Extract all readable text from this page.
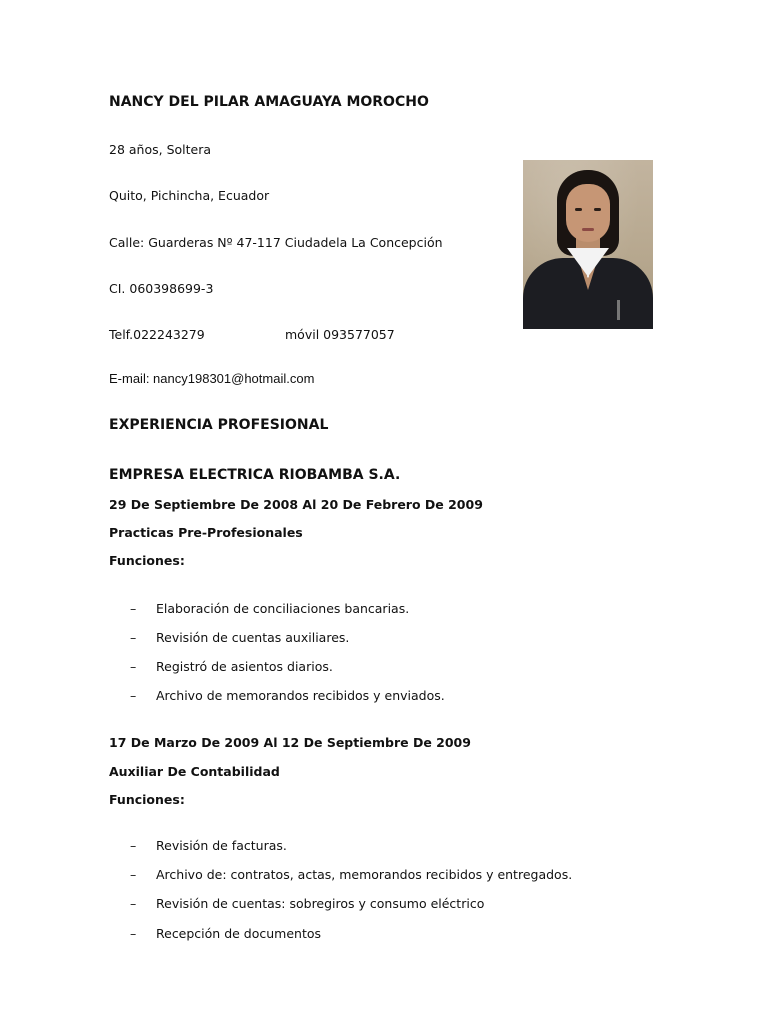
NANCY DEL PILAR AMAGUAYA MOROCHO
28 años, Soltera
Quito, Pichincha, Ecuador
Calle: Guarderas Nº 47-117 Ciudadela La Concepción
CI. 060398699-3
Telf.022243279	móvil 093577057
E-mail: nancy198301@hotmail.com
EXPERIENCIA PROFESIONAL
EMPRESA ELECTRICA RIOBAMBA S.A.
29 De Septiembre De 2008 Al 20 De Febrero De 2009
Practicas Pre-Profesionales
Funciones:
– Elaboración de conciliaciones bancarias.
– Revisión de cuentas auxiliares.
– Registró de asientos diarios.
– Archivo de memorandos recibidos y enviados.
17 De Marzo De 2009 Al 12 De Septiembre De 2009
Auxiliar De Contabilidad
Funciones:
– Revisión de facturas.
– Archivo de: contratos, actas, memorandos recibidos y entregados.
– Revisión de cuentas: sobregiros y consumo eléctrico
– Recepción de documentos
